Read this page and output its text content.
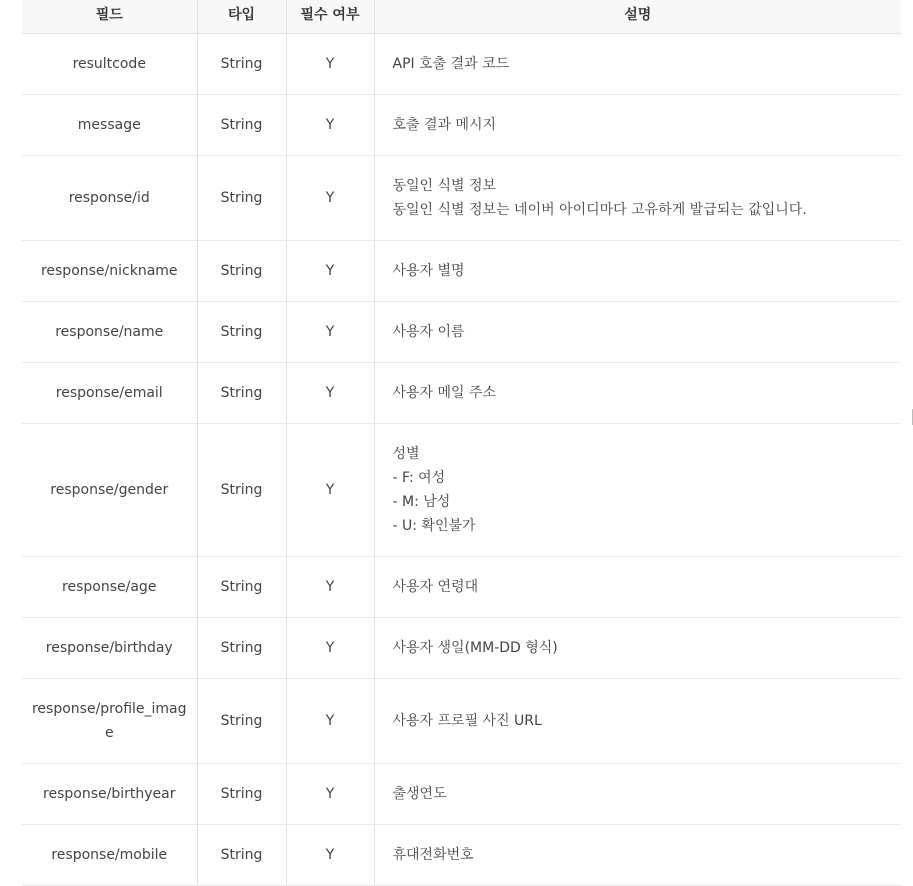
필드	타입	필수 여부	설명
resultcode	String	Y	API 호출 결과 코드

message	String	Y	호출 결과 메시지

response/id	String	Y	동일인 식별 정보
동일인 식별 정보는 네이버 아이디마다 고유하게 발급되는 값입니다.

response/nickname	String	Y	사용자 별명

response/name	String	Y	사용자 이름

response/email	String	Y	사용자 메일 주소

response/gender	String	Y	성별
- F: 여성
- M: 남성
- U: 확인불가

response/age	String	Y	사용자 연령대

response/birthday	String	Y	사용자 생일(MM-DD 형식)

response/profile_image	String	Y	사용자 프로필 사진 URL

response/birthyear	String	Y	출생연도

response/mobile	String	Y	휴대전화번호
